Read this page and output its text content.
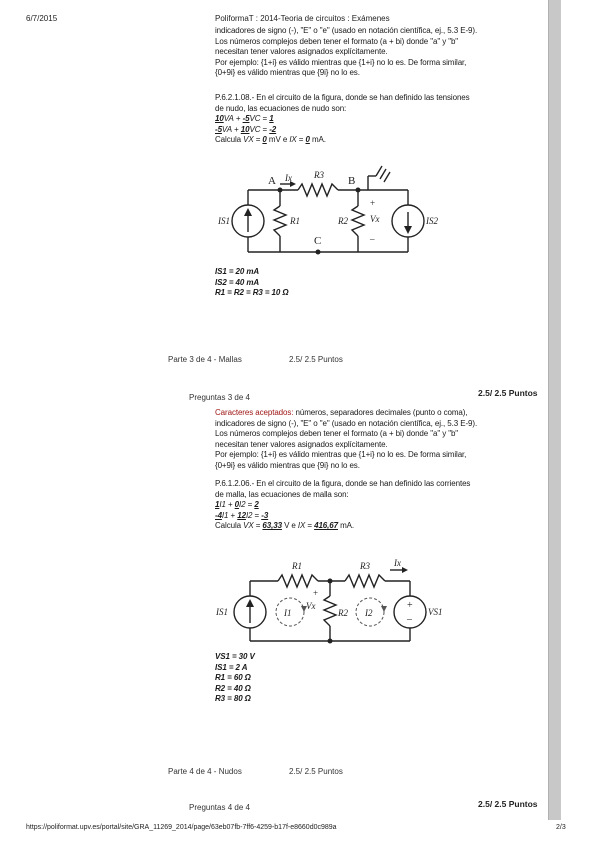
6/7/2015	PoliformaT : 2014-Teoria de circuitos : Exámenes
indicadores de signo (-), "E" o "e" (usado en notación científica, ej., 5.3 E-9).
Los números complejos deben tener el formato (a + bi) donde "a" y "b"
necesitan tener valores asignados explícitamente.
Por ejemplo: {1+i} es válido mientras que {1+i} no lo es. De forma similar,
{0+9i} es válido mientras que {9i} no lo es.
P.6.2.1.08.- En el circuito de la figura, donde se han definido las tensiones
de nudo, las ecuaciones de nudo son:
10VA + -5VC = 1
-5VA + 10VC = -2
Calcula VX = 0 mV e IX = 0 mA.
A	B
C
Ix R3
R1	R2 Vx
IS1	IS2
+
–
IS1 = 20 mA
IS2 = 40 mA
R1 = R2 = R3 = 10 Ω
Parte 3 de 4 - Mallas	2.5/ 2.5 Puntos
Preguntas 3 de 4	2.5/ 2.5 Puntos
Caracteres aceptados: números, separadores decimales (punto o coma),
indicadores de signo (-), "E" o "e" (usado en notación científica, ej., 5.3 E-9).
Los números complejos deben tener el formato (a + bi) donde "a" y "b"
necesitan tener valores asignados explícitamente.
Por ejemplo: {1+i} es válido mientras que {1+i} no lo es. De forma similar,
{0+9i} es válido mientras que {9i} no lo es.
P.6.1.2.06.- En el circuito de la figura, donde se han definido las corrientes
de malla, las ecuaciones de malla son:
1I1 + 0I2 = 2
-4I1 + 12I2 = -3
Calcula VX = 63,33 V e IX = 416,67 mA.
R1	R3	Ix
R2
Vx
IS1	I1	I2	VS1
+
+
–
VS1 = 30 V
IS1 = 2 A
R1 = 60 Ω
R2 = 40 Ω
R3 = 80 Ω
Parte 4 de 4 - Nudos	2.5/ 2.5 Puntos
Preguntas 4 de 4	2.5/ 2.5 Puntos
https://poliformat.upv.es/portal/site/GRA_11269_2014/page/63eb07fb-7ff6-4259-b17f-e8660d0c989a	2/3
